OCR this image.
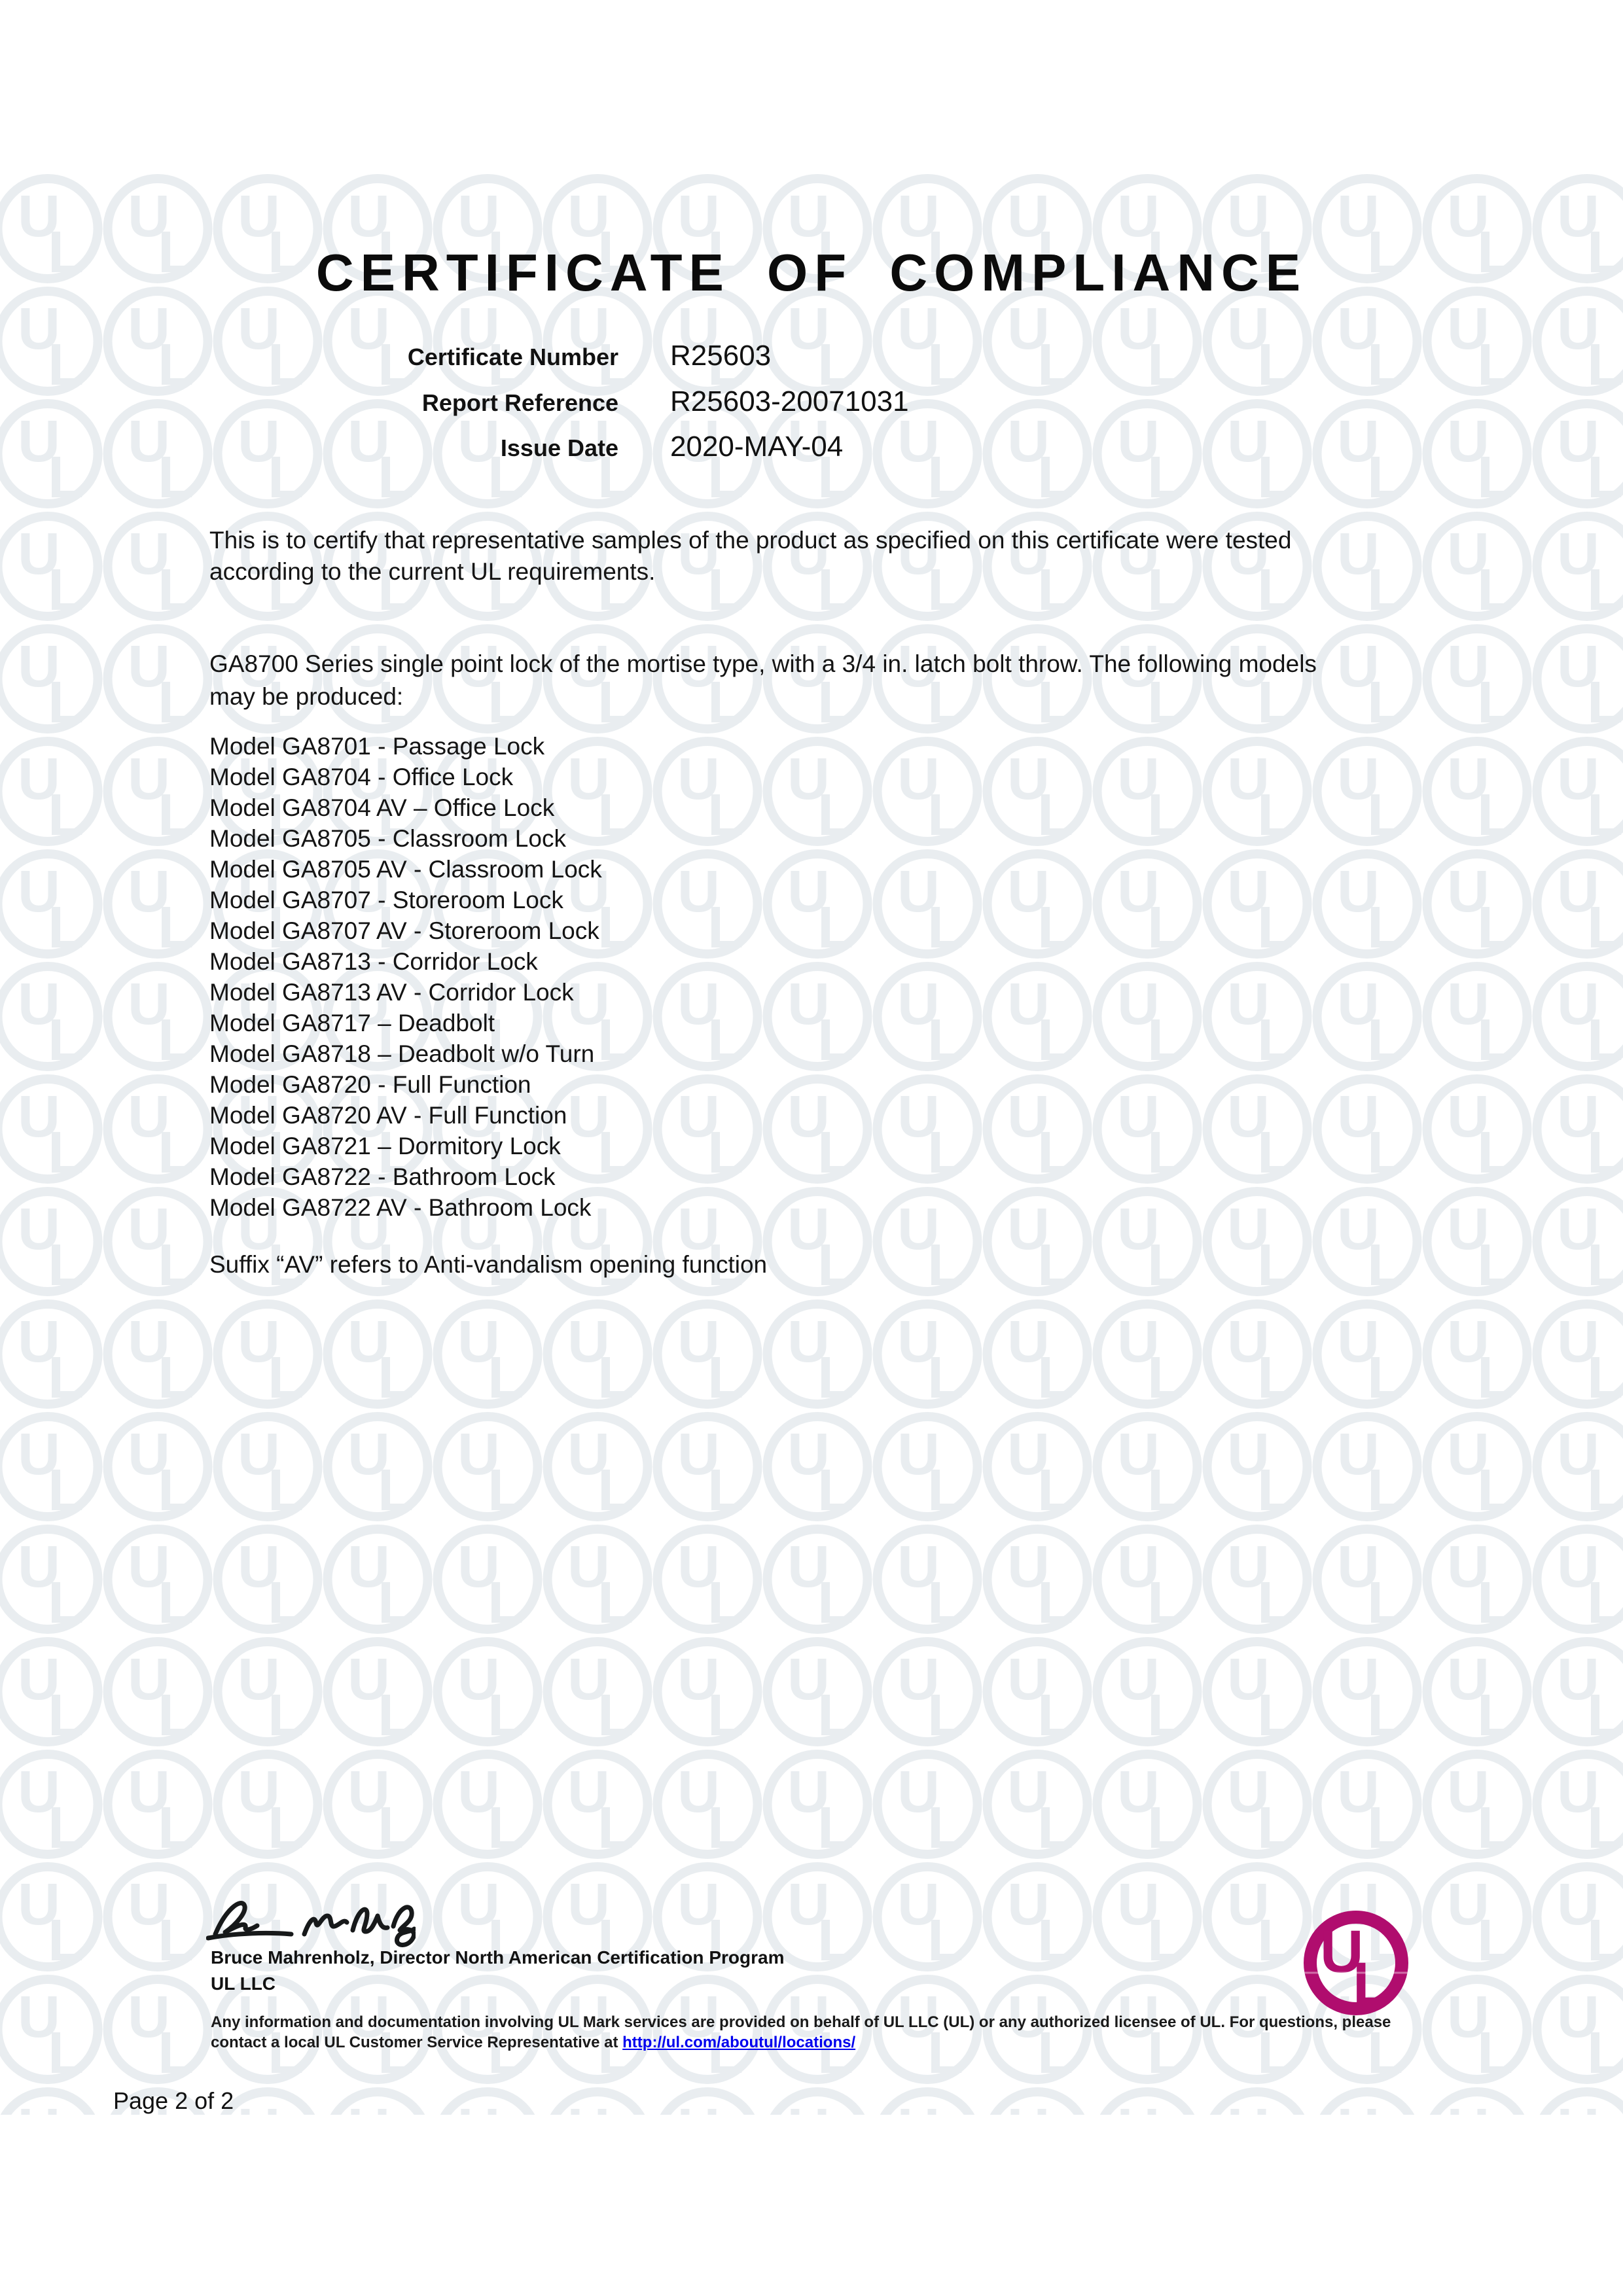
CERTIFICATE OF COMPLIANCE
Certificate Number R25603
Report Reference R25603-20071031
Issue Date 2020-MAY-04
This is to certify that representative samples of the product as specified on this certificate were tested
according to the current UL requirements.
GA8700 Series single point lock of the mortise type, with a 3/4 in. latch bolt throw. The following models
may be produced:
Model GA8701 - Passage Lock
Model GA8704 - Office Lock
Model GA8704 AV – Office Lock
Model GA8705 - Classroom Lock
Model GA8705 AV - Classroom Lock
Model GA8707 - Storeroom Lock
Model GA8707 AV - Storeroom Lock
Model GA8713 - Corridor Lock
Model GA8713 AV - Corridor Lock
Model GA8717 – Deadbolt
Model GA8718 – Deadbolt w/o Turn
Model GA8720 - Full Function
Model GA8720 AV - Full Function
Model GA8721 – Dormitory Lock
Model GA8722 - Bathroom Lock
Model GA8722 AV - Bathroom Lock
Suffix “AV” refers to Anti-vandalism opening function
Bruce Mahrenholz, Director North American Certification Program
UL LLC
Any information and documentation involving UL Mark services are provided on behalf of UL LLC (UL) or any authorized licensee of UL. For questions, please
contact a local UL Customer Service Representative at http://ul.com/aboutul/locations/
Page 2 of 2
U
L
